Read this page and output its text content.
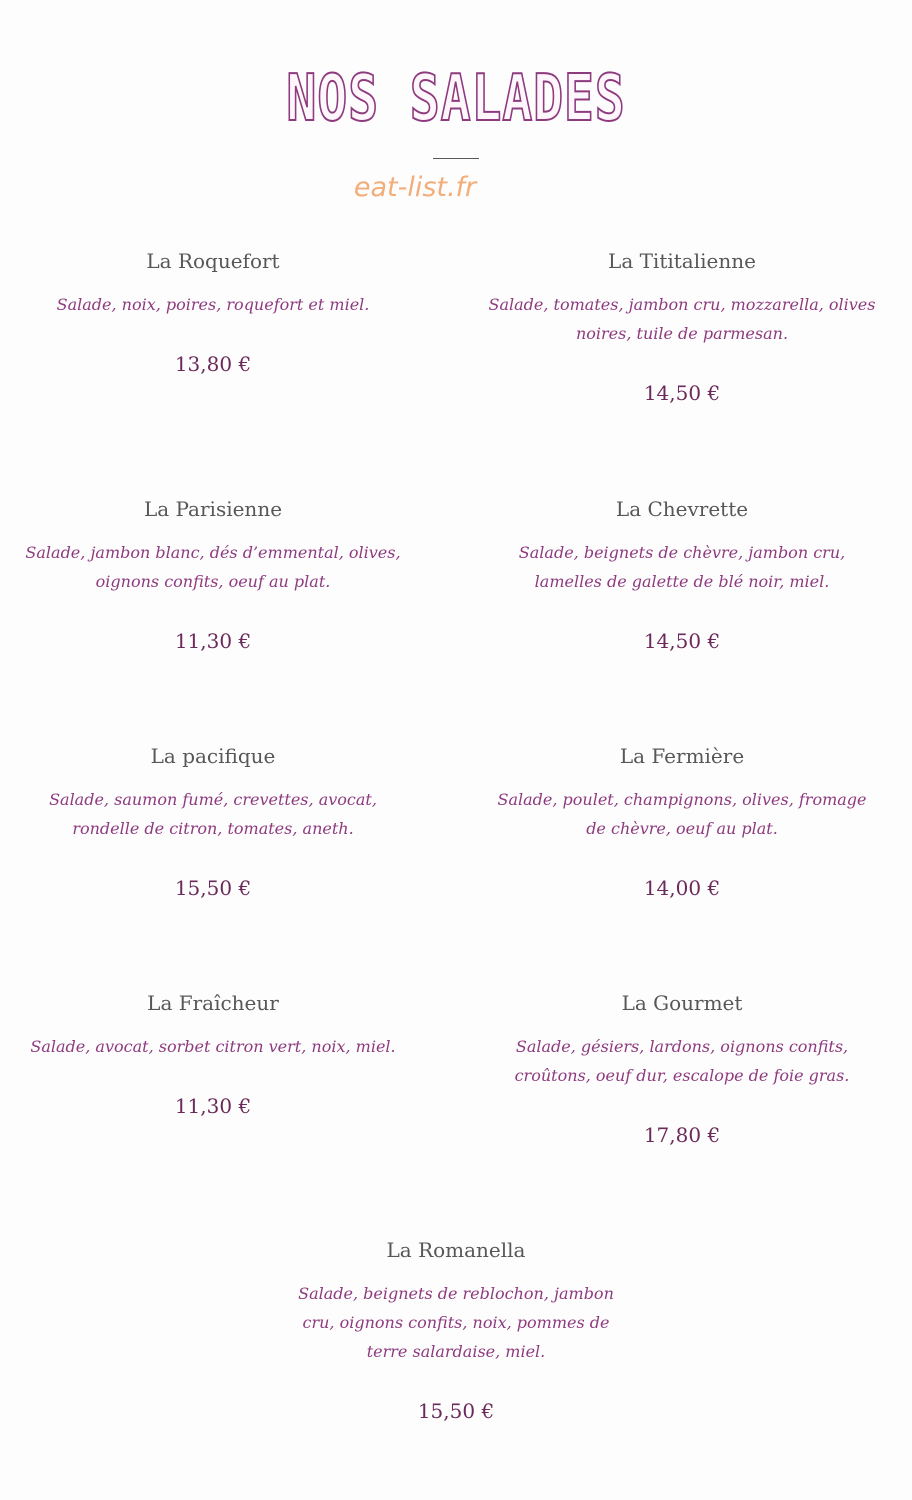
NOS SALADES
eat-list.fr

La Roquefort

Salade, noix, poires, roquefort et miel.

13,80 €

La Tititalienne

Salade, tomates, jambon cru, mozzarella, olives noires, tuile de parmesan.

14,50 €

La Parisienne

Salade, jambon blanc, dés d’emmental, olives, oignons confits, oeuf au plat.

11,30 €

La Chevrette

Salade, beignets de chèvre, jambon cru, lamelles de galette de blé noir, miel.

14,50 €

La pacifique

Salade, saumon fumé, crevettes, avocat, rondelle de citron, tomates, aneth.

15,50 €

La Fermière

Salade, poulet, champignons, olives, fromage de chèvre, oeuf au plat.

14,00 €

La Fraîcheur

Salade, avocat, sorbet citron vert, noix, miel.

11,30 €

La Gourmet

Salade, gésiers, lardons, oignons confits, croûtons, oeuf dur, escalope de foie gras.

17,80 €

La Romanella

Salade, beignets de reblochon, jambon cru, oignons confits, noix, pommes de terre salardaise, miel.

15,50 €
